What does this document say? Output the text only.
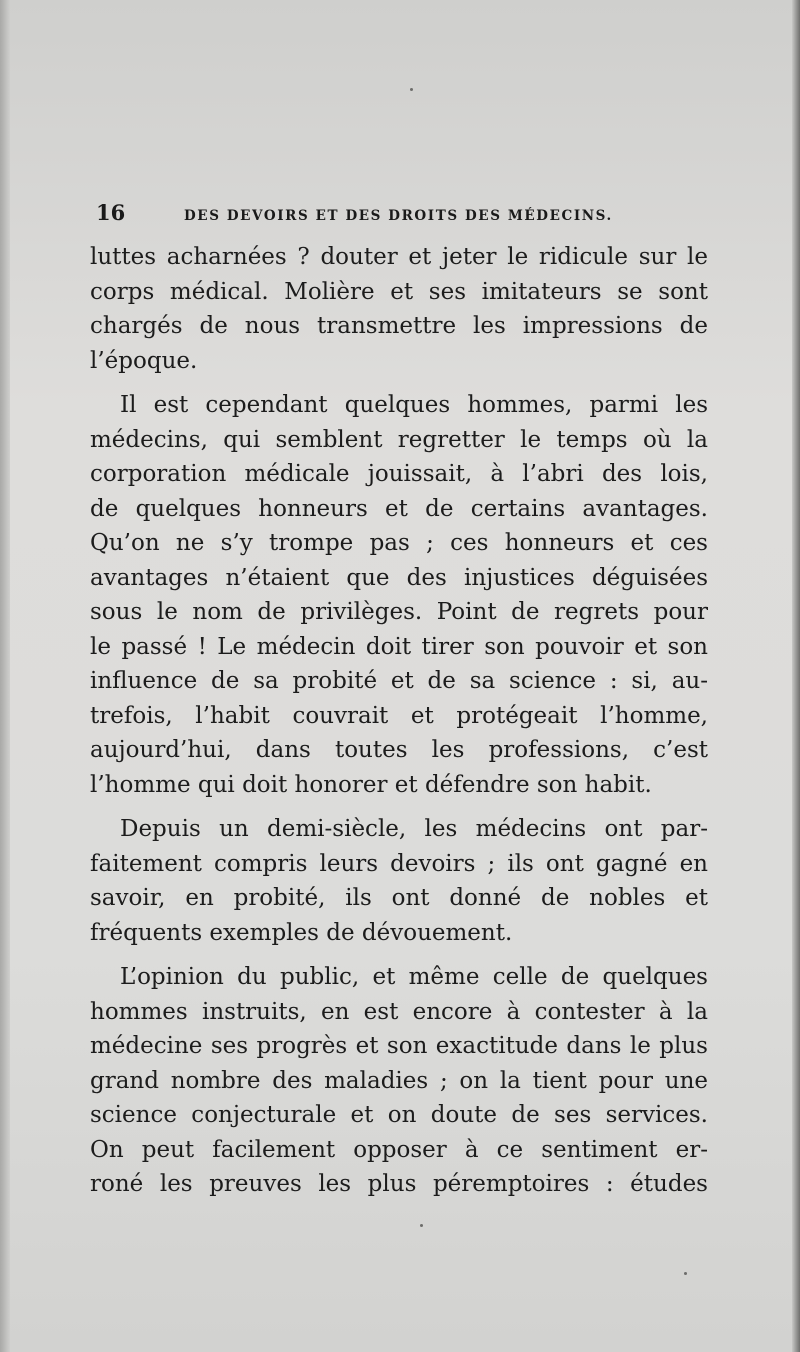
16	DES DEVOIRS ET DES DROITS DES MÉDECINS.

luttes acharnées ? douter et jeter le ridicule sur le
corps médical. Molière et ses imitateurs se sont
chargés de nous transmettre les impressions de
l’époque.

Il est cependant quelques hommes, parmi les
médecins, qui semblent regretter le temps où la
corporation médicale jouissait, à l’abri des lois,
de quelques honneurs et de certains avantages.
Qu’on ne s’y trompe pas ; ces honneurs et ces
avantages n’étaient que des injustices déguisées
sous le nom de privilèges. Point de regrets pour
le passé ! Le médecin doit tirer son pouvoir et son
influence de sa probité et de sa science : si, au-
trefois, l’habit couvrait et protégeait l’homme,
aujourd’hui, dans toutes les professions, c’est
l’homme qui doit honorer et défendre son habit.

Depuis un demi-siècle, les médecins ont par-
faitement compris leurs devoirs ; ils ont gagné en
savoir, en probité, ils ont donné de nobles et
fréquents exemples de dévouement.

L’opinion du public, et même celle de quelques
hommes instruits, en est encore à contester à la
médecine ses progrès et son exactitude dans le plus
grand nombre des maladies ; on la tient pour une
science conjecturale et on doute de ses services.
On peut facilement opposer à ce sentiment er-
roné les preuves les plus péremptoires : études
